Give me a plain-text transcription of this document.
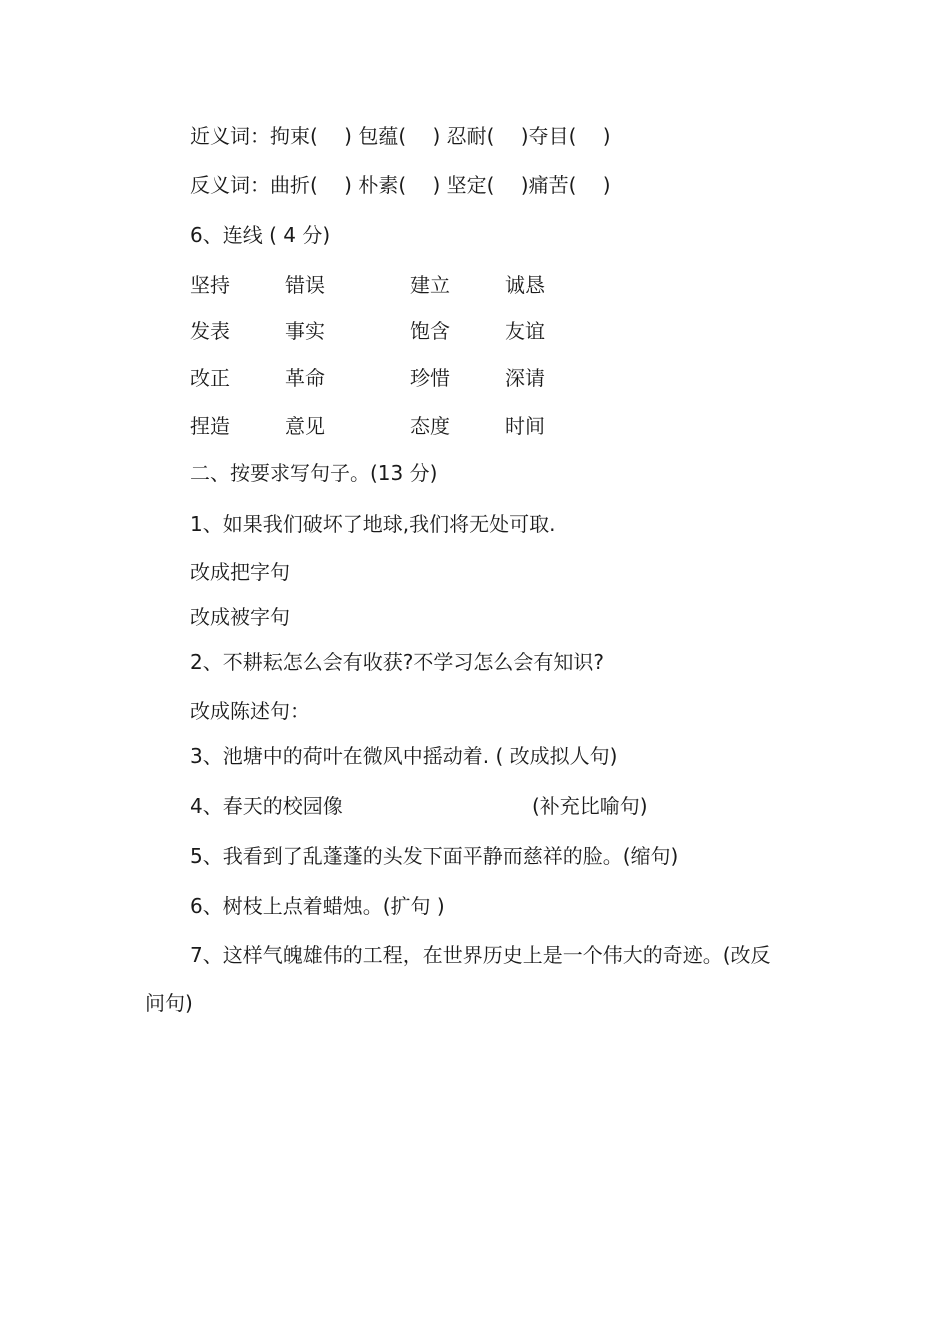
近义词：拘束(　 ) 包蕴(　 ) 忍耐(　 )夺目(　 )
反义词：曲折(　 ) 朴素(　 ) 坚定(　 )痛苦(　 )
6、连线 ( 4 分)
坚持	错误	建立	诚恳
发表	事实	饱含	友谊
改正	革命	珍惜	深请
捏造	意见	态度	时间
二、按要求写句子。(13 分)
1、如果我们破坏了地球,我们将无处可取.
改成把字句
改成被字句
2、不耕耘怎么会有收获?不学习怎么会有知识?
改成陈述句：
3、池塘中的荷叶在微风中摇动着. ( 改成拟人句)
4、春天的校园像	(补充比喻句)
5、我看到了乱蓬蓬的头发下面平静而慈祥的脸。(缩句)
6、树枝上点着蜡烛。(扩句 )
7、这样气魄雄伟的工程，在世界历史上是一个伟大的奇迹。(改反
问句)
